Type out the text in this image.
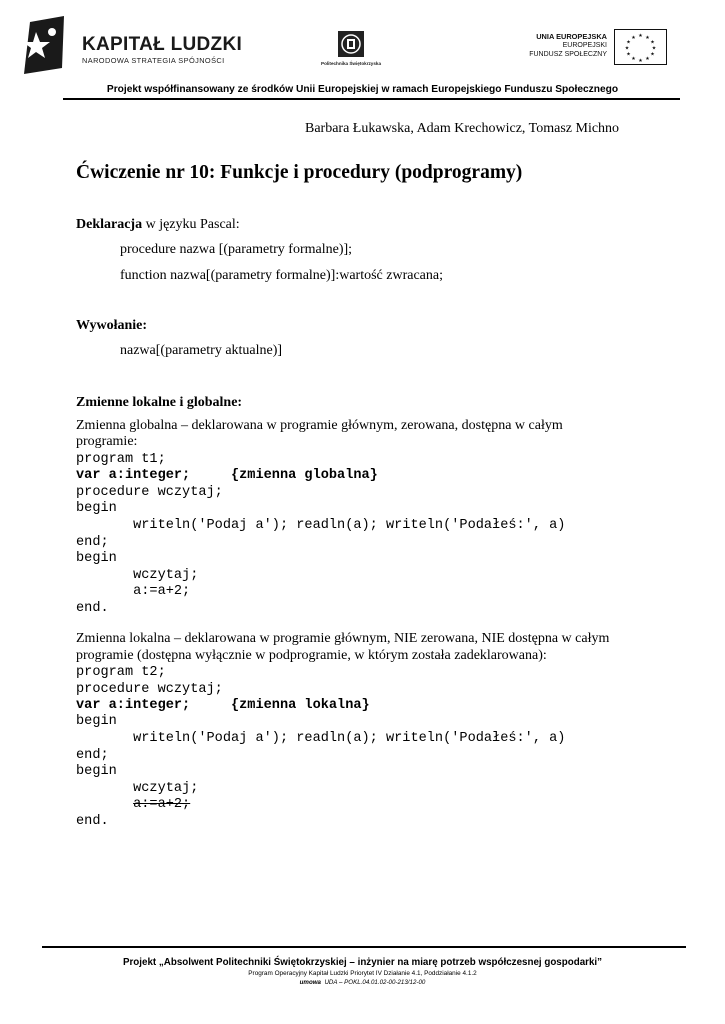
KAPITAŁ LUDZKI
NARODOWA STRATEGIA SPÓJNOŚCI	Politechnika Świętokrzyska
UNIA EUROPEJSKA
EUROPEJSKI
FUNDUSZ SPOŁECZNY
★ ★
★
★
★
★
★
★
★
★
★
★
Projekt współfinansowany ze środków Unii Europejskiej w ramach Europejskiego Funduszu Społecznego
Barbara Łukawska, Adam Krechowicz, Tomasz Michno
Ćwiczenie nr 10: Funkcje i procedury (podprogramy)
Deklaracja w języku Pascal:
procedure nazwa [(parametry formalne)];
function nazwa[(parametry formalne)]:wartość zwracana;
Wywołanie:
nazwa[(parametry aktualne)]
Zmienne lokalne i globalne:
Zmienna globalna – deklarowana w programie głównym, zerowana, dostępna w całym
programie:
program t1;
var a:integer;     {zmienna globalna}
procedure wczytaj;
begin
writeln('Podaj a'); readln(a); writeln('Podałeś:', a)
end;
begin
wczytaj;
a:=a+2;
end.
Zmienna lokalna – deklarowana w programie głównym, NIE zerowana, NIE dostępna w całym
programie (dostępna wyłącznie w podprogramie, w którym została zadeklarowana):
program t2;
procedure wczytaj;
var a:integer;     {zmienna lokalna}
begin
writeln('Podaj a'); readln(a); writeln('Podałeś:', a)
end;
begin
wczytaj;
a:=a+2;
end.
Projekt „Absolwent Politechniki Świętokrzyskiej – inżynier na miarę potrzeb współczesnej gospodarki”
Program Operacyjny Kapitał Ludzki Priorytet IV Działanie 4.1, Poddziałanie 4.1.2
umowa UDA – POKL.04.01.02-00-213/12-00
